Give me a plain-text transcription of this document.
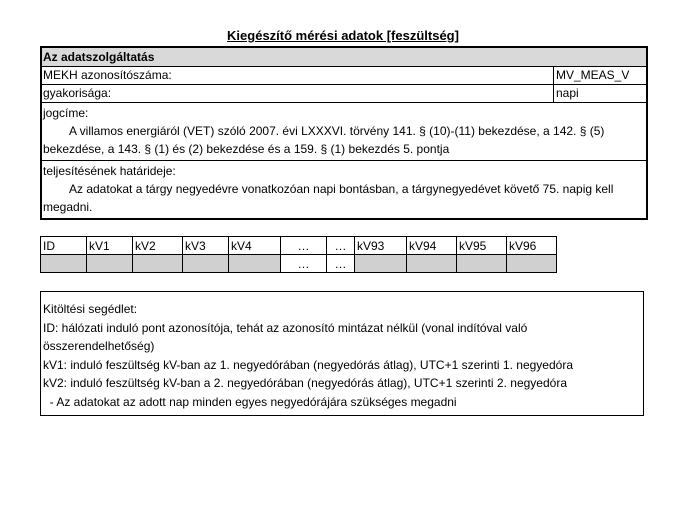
Kiegészítő mérési adatok [feszültség]
Az adatszolgáltatás
MEKH azonosítószáma:	MV_MEAS_V
gyakorisága:	napi
jogcíme:
A villamos energiáról (VET) szóló 2007. évi LXXXVI. törvény 141. § (10)-(11) bekezdése, a 142. § (5)
bekezdése, a 143. § (1) és (2) bekezdése és a 159. § (1) bekezdés 5. pontja
teljesítésének határideje:
Az adatokat a tárgy negyedévre vonatkozóan napi bontásban, a tárgynegyedévet követő 75. napig kell
megadni.
ID	kV1	kV2	kV3	kV4	…	…	kV93	kV94	kV95	kV96
					…	…				
Kitöltési segédlet:
ID: hálózati induló pont azonosítója, tehát az azonosító mintázat nélkül (vonal indítóval való
összerendelhetőség)
kV1: induló feszültség kV-ban az 1. negyedórában (negyedórás átlag), UTC+1 szerinti 1. negyedóra
kV2: induló feszültség kV-ban a 2. negyedórában (negyedórás átlag), UTC+1 szerinti 2. negyedóra
- Az adatokat az adott nap minden egyes negyedórájára szükséges megadni
